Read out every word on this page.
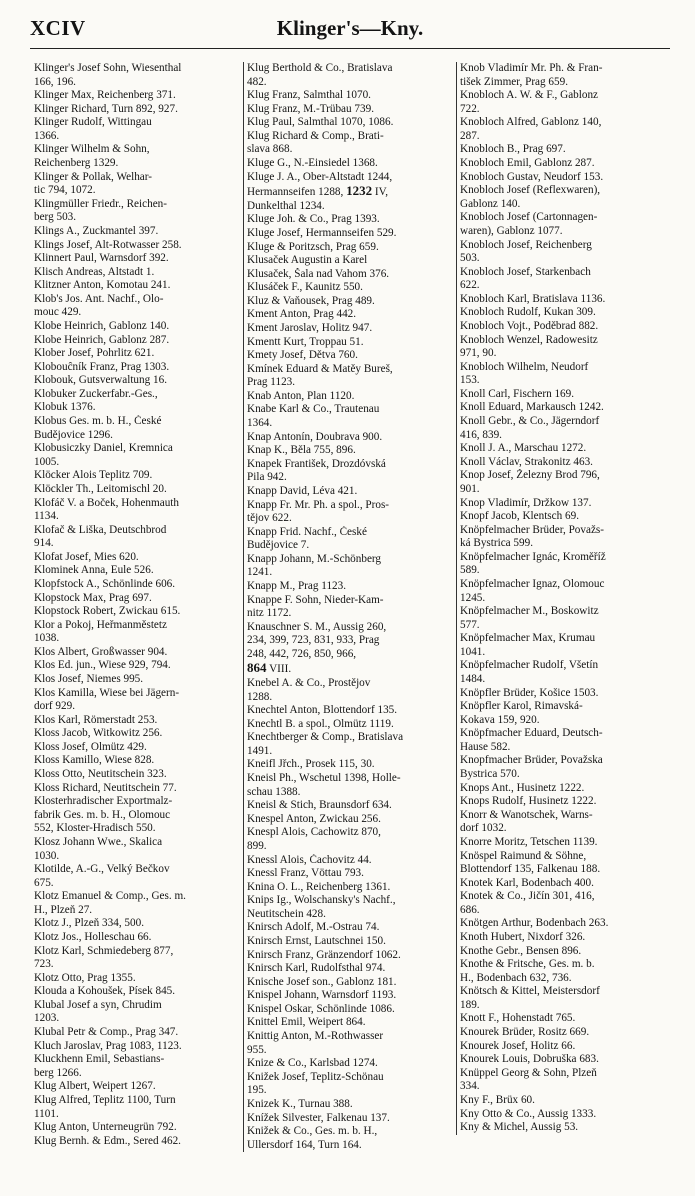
Klinger's—Kny.
XCIV

Klinger's Josef Sohn, Wiesenthal

166, 196.

Klinger Max, Reichenberg 371.

Klinger Richard, Turn 892, 927.

Klinger Rudolf, Wittingau

1366.

Klinger Wilhelm & Sohn,

Reichenberg 1329.

Klinger & Pollak, Welhar-

tic 794, 1072.

Klingmüller Friedr., Reichen-

berg 503.

Klings A., Zuckmantel 397.

Klings Josef, Alt-Rotwasser 258.

Klinnert Paul, Warnsdorf 392.

Klisch Andreas, Altstadt 1.

Klitzner Anton, Komotau 241.

Klob's Jos. Ant. Nachf., Olo-

mouc 429.

Klobe Heinrich, Gablonz 140.

Klobe Heinrich, Gablonz 287.

Klober Josef, Pohrlitz 621.

Klobouĉník Franz, Prag 1303.

Klobouk, Gutsverwaltung 16.

Klobuker Zuckerfabr.-Ges.,

Klobuk 1376.

Klobus Ges. m. b. H., České

Budějovice 1296.

Klobusiczky Daniel, Kremnica

1005.

Klöcker Alois Teplitz 709.

Klöckler Th., Leitomischl 20.

Klofáč V. a Boček, Hohenmauth

1134.

Klofač & Liška, Deutschbrod

914.

Klofat Josef, Mies 620.

Klominek Anna, Eule 526.

Klopfstock A., Schönlinde 606.

Klopstock Max, Prag 697.

Klopstock Robert, Zwickau 615.

Klor a Pokoj, Heřmanměstetz

1038.

Klos Albert, Großwasser 904.

Klos Ed. jun., Wiese 929, 794.

Klos Josef, Niemes 995.

Klos Kamilla, Wiese bei Jägern-

dorf 929.

Klos Karl, Römerstadt 253.

Kloss Jacob, Witkowitz 256.

Kloss Josef, Olmütz 429.

Kloss Kamillo, Wiese 828.

Kloss Otto, Neutitschein 323.

Kloss Richard, Neutitschein 77.

Klosterhradischer Exportmalz-

fabrik Ges. m. b. H., Olomouc

552, Kloster-Hradisch 550.

Klosz Johann Wwe., Skalica

1030.

Klotilde, A.-G., Velký Bečkov

675.

Klotz Emanuel & Comp., Ges. m.

H., Plzeň 27.

Klotz J., Plzeň 334, 500.

Klotz Jos., Holleschau 66.

Klotz Karl, Schmiedeberg 877,

723.

Klotz Otto, Prag 1355.

Klouda a Kohoušek, Písek 845.

Klubal Josef a syn, Chrudim

1203.

Klubal Petr & Comp., Prag 347.

Kluch Jaroslav, Prag 1083, 1123.

Kluckhenn Emil, Sebastians-

berg 1266.

Klug Albert, Weipert 1267.

Klug Alfred, Teplitz 1100, Turn

1101.

Klug Anton, Unterneugrün 792.

Klug Bernh. & Edm., Sered 462.

Klug Berthold & Co., Bratislava

482.

Klug Franz, Salmthal 1070.

Klug Franz, M.-Trübau 739.

Klug Paul, Salmthal 1070, 1086.

Klug Richard & Comp., Brati-

slava 868.

Kluge G., N.-Einsiedel 1368.

Kluge J. A., Ober-Altstadt 1244,

Hermannseifen 1288, 1232 IV,

Dunkelthal 1234.

Kluge Joh. & Co., Prag 1393.

Kluge Josef, Hermannseifen 529.

Kluge & Poritzsch, Prag 659.

Klusaček Augustin a Karel

Klusaček, Šala nad Vahom 376.

Klusáček F., Kaunitz 550.

Kluz & Vaňousek, Prag 489.

Kment Anton, Prag 442.

Kment Jaroslav, Holitz 947.

Kmentt Kurt, Troppau 51.

Kmety Josef, Dětva 760.

Kmínek Eduard & Matěy Bureš,

Prag 1123.

Knab Anton, Plan 1120.

Knabe Karl & Co., Trautenau

1364.

Knap Antonín, Doubrava 900.

Knap K., Běla 755, 896.

Knapek František, Drozdóvská

Pila 942.

Knapp David, Léva 421.

Knapp Fr. Mr. Ph. a spol., Pros-

tějov 622.

Knapp Frid. Nachf., České

Budějovice 7.

Knapp Johann, M.-Schönberg

1241.

Knapp M., Prag 1123.

Knappe F. Sohn, Nieder-Kam-

nitz 1172.

Knauschner S. M., Aussig 260,

234, 399, 723, 831, 933, Prag

248, 442, 726, 850, 966,

864 VIII.

Knebel A. & Co., Prostějov

1288.

Knechtel Anton, Blottendorf 135.

Knechtl B. a spol., Olmütz 1119.

Knechtberger & Comp., Bratislava

1491.

Kneifl Jřch., Prosek 115, 30.

Kneisl Ph., Wschetul 1398, Holle-

schau 1388.

Kneisl & Stich, Braunsdorf 634.

Knespel Anton, Zwickau 256.

Knespl Alois, Cachowitz 870,

899.

Knessl Alois, Čachovitz 44.

Knessl Franz, Vöttau 793.

Knina O. L., Reichenberg 1361.

Knips Ig., Wolschansky's Nachf.,

Neutitschein 428.

Knirsch Adolf, M.-Ostrau 74.

Knirsch Ernst, Lautschnei 150.

Knirsch Franz, Gränzendorf 1062.

Knirsch Karl, Rudolfsthal 974.

Knische Josef son., Gablonz 181.

Knispel Johann, Warnsdorf 1193.

Knispel Oskar, Schönlinde 1086.

Knittel Emil, Weipert 864.

Knittig Anton, M.-Rothwasser

955.

Knize & Co., Karlsbad 1274.

Knižek Josef, Teplitz-Schönau

195.

Knizek K., Turnau 388.

Knížek Silvester, Falkenau 137.

Knižek & Co., Ges. m. b. H.,

Ullersdorf 164, Turn 164.

Knob Vladimír Mr. Ph. & Fran-

tišek Zimmer, Prag 659.

Knobloch A. W. & F., Gablonz

722.

Knobloch Alfred, Gablonz 140,

287.

Knobloch B., Prag 697.

Knobloch Emil, Gablonz 287.

Knobloch Gustav, Neudorf 153.

Knobloch Josef (Reflexwaren),

Gablonz 140.

Knobloch Josef (Cartonnagen-

waren), Gablonz 1077.

Knobloch Josef, Reichenberg

503.

Knobloch Josef, Starkenbach

622.

Knobloch Karl, Bratislava 1136.

Knobloch Rudolf, Kukan 309.

Knobloch Vojt., Poděbrad 882.

Knobloch Wenzel, Radowesitz

971, 90.

Knobloch Wilhelm, Neudorf

153.

Knoll Carl, Fischern 169.

Knoll Eduard, Markausch 1242.

Knoll Gebr., & Co., Jägerndorf

416, 839.

Knoll J. A., Marschau 1272.

Knoll Václav, Strakonitz 463.

Knop Josef, Železny Brod 796,

901.

Knop Vladimír, Držkow 137.

Knopf Jacob, Klentsch 69.

Knöpfelmacher Brüder, Považs-

ká Bystrica 599.

Knöpfelmacher Ignác, Kroměříž

589.

Knöpfelmacher Ignaz, Olomouc

1245.

Knöpfelmacher M., Boskowitz

577.

Knöpfelmacher Max, Krumau

1041.

Knöpfelmacher Rudolf, Všetín

1484.

Knöpfler Brüder, Košice 1503.

Knöpfler Karol, Rimavská-

Kokava 159, 920.

Knöpfmacher Eduard, Deutsch-

Hause 582.

Knopfmacher Brüder, Považska

Bystrica 570.

Knops Ant., Husinetz 1222.

Knops Rudolf, Husinetz 1222.

Knorr & Wanotschek, Warns-

dorf 1032.

Knorre Moritz, Tetschen 1139.

Knöspel Raimund & Söhne,

Blottendorf 135, Falkenau 188.

Knotek Karl, Bodenbach 400.

Knotek & Co., Jičín 301, 416,

686.

Knötgen Arthur, Bodenbach 263.

Knoth Hubert, Nixdorf 326.

Knothe Gebr., Bensen 896.

Knothe & Fritsche, Ges. m. b.

H., Bodenbach 632, 736.

Knötsch & Kittel, Meistersdorf

189.

Knott F., Hohenstadt 765.

Knourek Brüder, Rositz 669.

Knourek Josef, Holitz 66.

Knourek Louis, Dobruška 683.

Knüppel Georg & Sohn, Plzeň

334.

Kny F., Brüx 60.

Kny Otto & Co., Aussig 1333.

Kny & Michel, Aussig 53.
